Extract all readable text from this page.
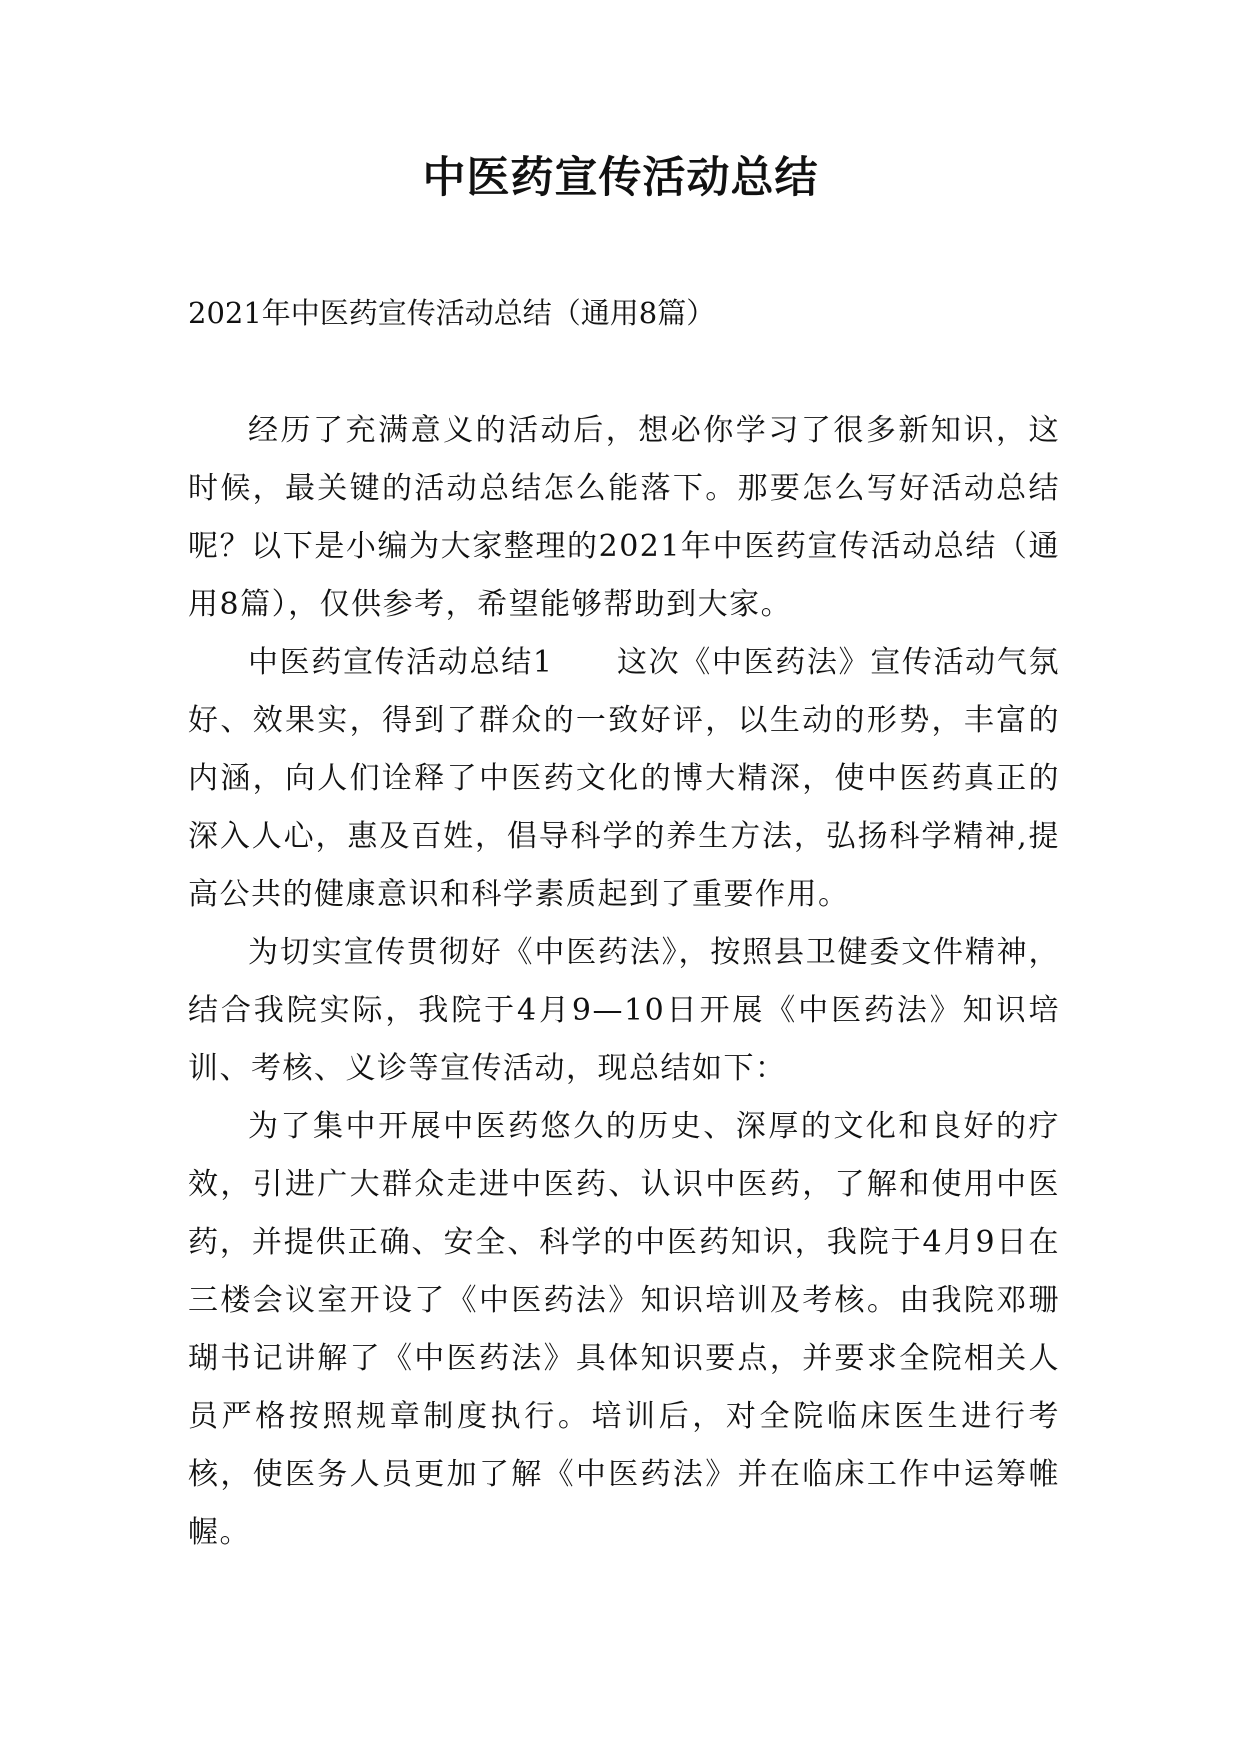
中医药宣传活动总结

2021年中医药宣传活动总结（通用8篇）

经历了充满意义的活动后，想必你学习了很多新知识，这时候，最关键的活动总结怎么能落下。那要怎么写好活动总结呢？以下是小编为大家整理的2021年中医药宣传活动总结（通用8篇），仅供参考，希望能够帮助到大家。

中医药宣传活动总结1　　这次《中医药法》宣传活动气氛好、效果实，得到了群众的一致好评，以生动的形势，丰富的内涵，向人们诠释了中医药文化的博大精深，使中医药真正的深入人心，惠及百姓，倡导科学的养生方法，弘扬科学精神,提高公共的健康意识和科学素质起到了重要作用。

为切实宣传贯彻好《中医药法》，按照县卫健委文件精神，结合我院实际，我院于4月9—10日开展《中医药法》知识培训、考核、义诊等宣传活动，现总结如下：

为了集中开展中医药悠久的历史、深厚的文化和良好的疗效，引进广大群众走进中医药、认识中医药，了解和使用中医药，并提供正确、安全、科学的中医药知识，我院于4月9日在三楼会议室开设了《中医药法》知识培训及考核。由我院邓珊瑚书记讲解了《中医药法》具体知识要点，并要求全院相关人员严格按照规章制度执行。培训后，对全院临床医生进行考核，使医务人员更加了解《中医药法》并在临床工作中运筹帷幄。
